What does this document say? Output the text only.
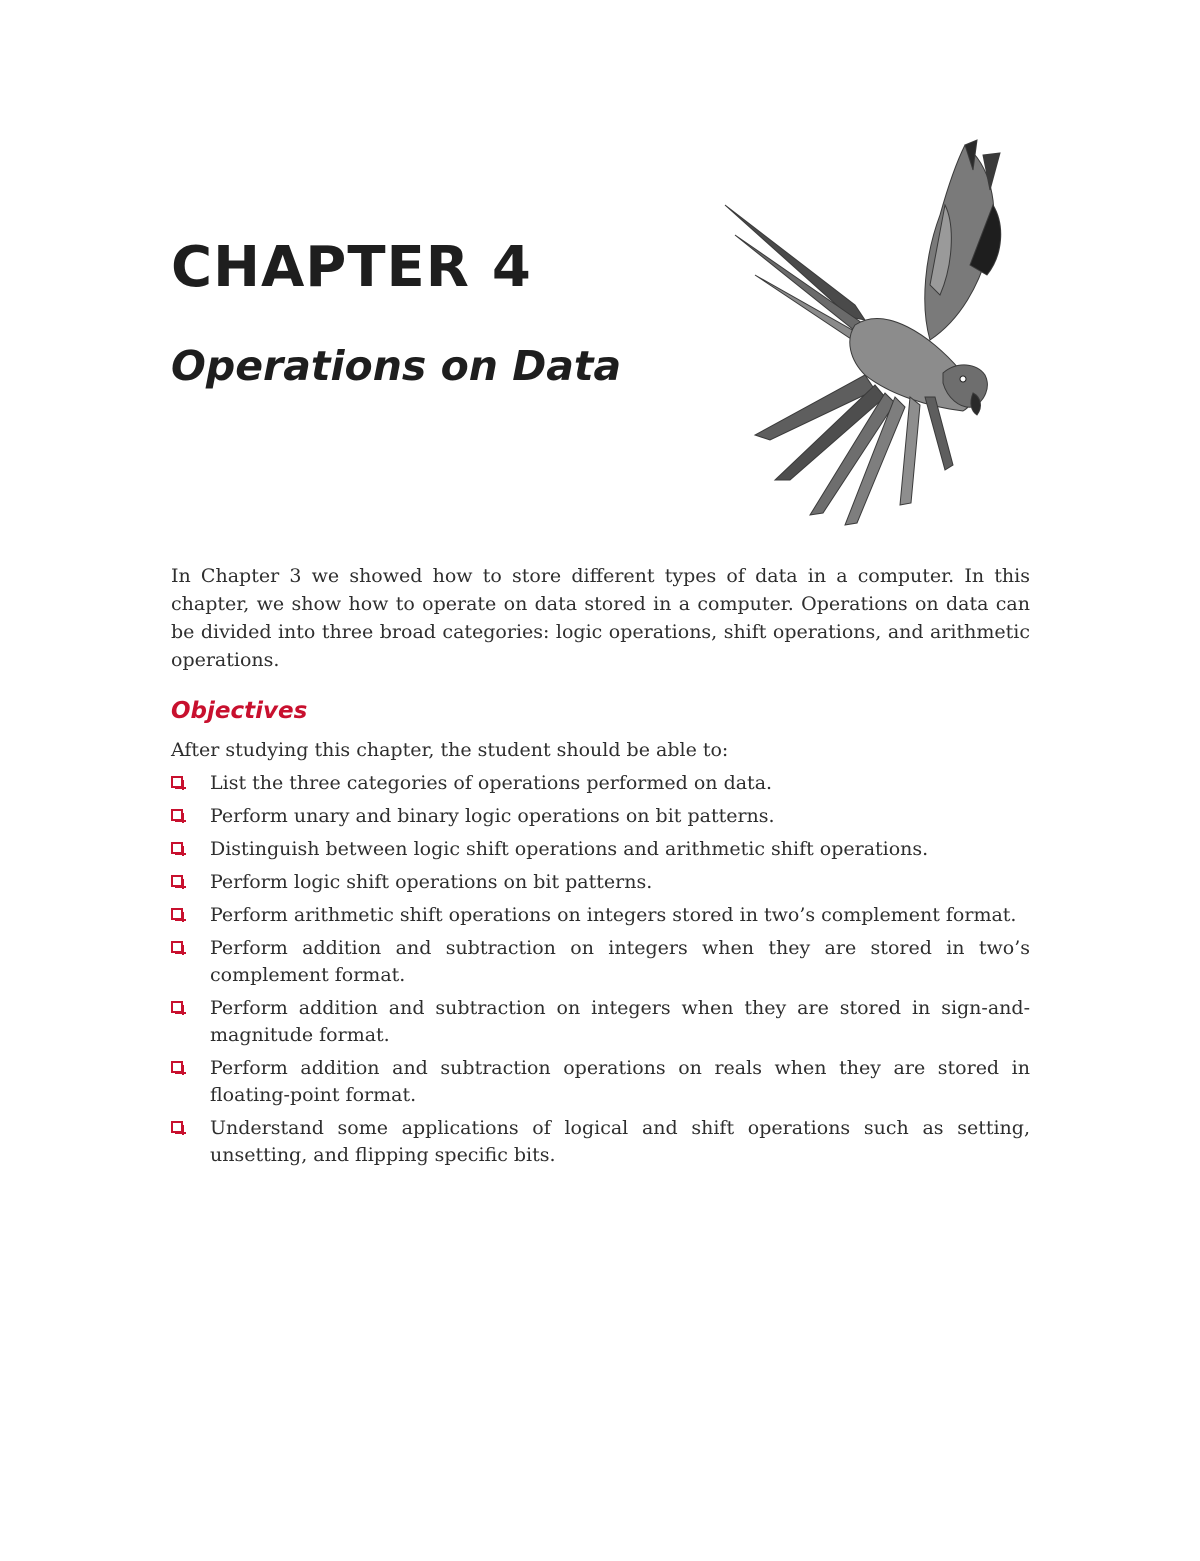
CHAPTER 4
Operations on Data

In Chapter 3 we showed how to store different types of data in a computer. In this chapter, we show how to operate on data stored in a computer. Operations on data can be divided into three broad categories: logic operations, shift operations, and arithmetic operations.

Objectives

After studying this chapter, the student should be able to:

List the three categories of operations performed on data.
Perform unary and binary logic operations on bit patterns.
Distinguish between logic shift operations and arithmetic shift operations.
Perform logic shift operations on bit patterns.
Perform arithmetic shift operations on integers stored in two’s complement format.
Perform addition and subtraction on integers when they are stored in two’s complement format.
Perform addition and subtraction on integers when they are stored in sign-and-magnitude format.
Perform addition and subtraction operations on reals when they are stored in floating-point format.
Understand some applications of logical and shift operations such as setting, unsetting, and flipping specific bits.
